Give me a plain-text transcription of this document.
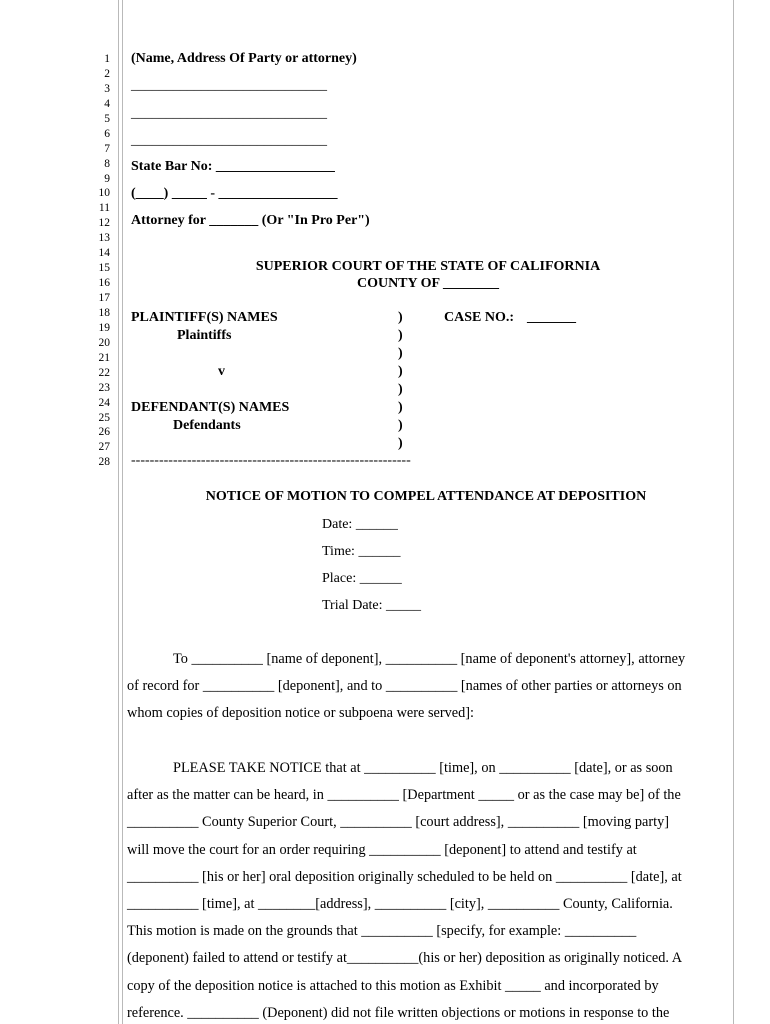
1
2
3
4
5
6
7
8
9
10
11
12
13
14
15
16
17
18
19
20
21
22
23
24
25
26
27
28
(Name, Address Of Party or attorney)
____________________________
____________________________
____________________________
State Bar No: _________________
(____) _____ - _________________
Attorney for _______ (Or "In Pro Per")
SUPERIOR COURT OF THE STATE OF CALIFORNIA
COUNTY OF ________
PLAINTIFF(S) NAMES
Plaintiffs
v
DEFENDANT(S) NAMES
Defendants
)
)
)
)
)
)
)
)
CASE NO.: _______
------------------------------------------------------------
NOTICE OF MOTION TO COMPEL ATTENDANCE AT DEPOSITION
Date: ______
Time: ______
Place: ______
Trial Date: _____
To __________ [name of deponent], __________ [name of deponent's attorney], attorney
of record for __________ [deponent], and to __________ [names of other parties or attorneys on
whom copies of deposition notice or subpoena were served]:
PLEASE TAKE NOTICE that at __________ [time], on __________ [date], or as soon
after as the matter can be heard, in __________ [Department _____ or as the case may be] of the
__________ County Superior Court, __________ [court address], __________ [moving party]
will move the court for an order requiring __________ [deponent] to attend and testify at
__________ [his or her] oral deposition originally scheduled to be held on __________ [date], at
__________ [time], at ________[address], __________ [city], __________ County, California.
This motion is made on the grounds that __________ [specify, for example: __________
(deponent) failed to attend or testify at__________(his or her) deposition as originally noticed. A
copy of the deposition notice is attached to this motion as Exhibit _____ and incorporated by
reference. __________ (Deponent) did not file written objections or motions in response to the
